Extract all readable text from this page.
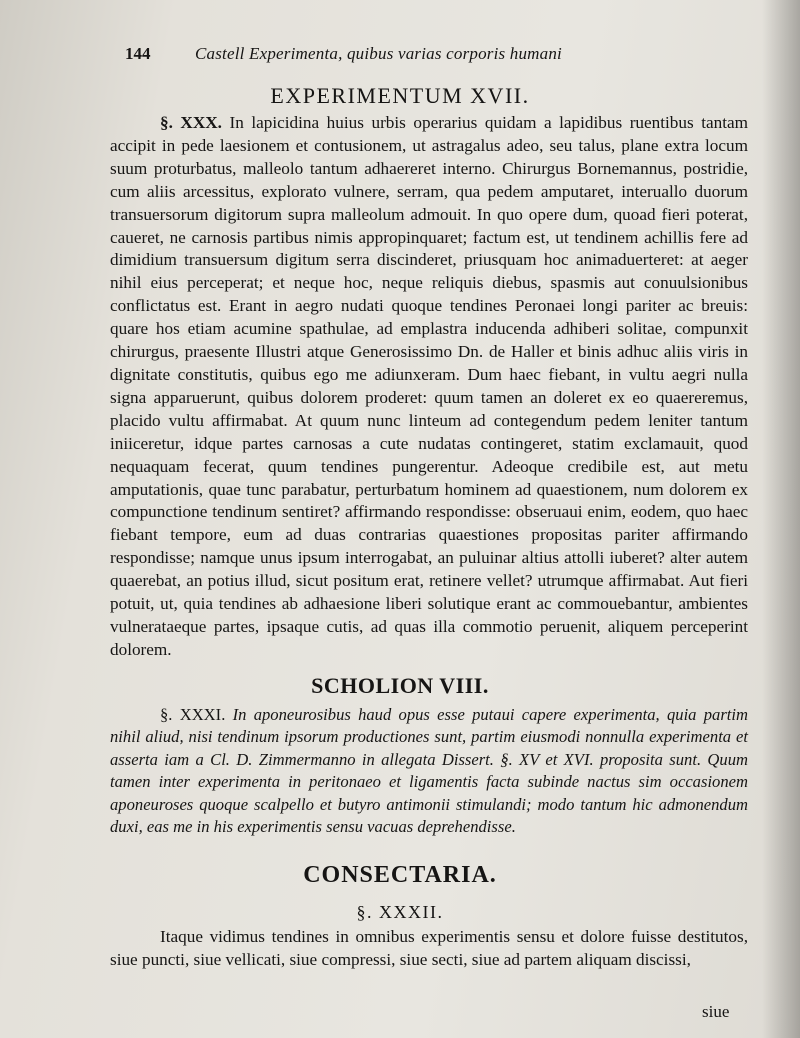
144	Castell Experimenta, quibus varias corporis humani
EXPERIMENTUM XVII.

§. XXX. In lapicidina huius urbis operarius quidam a lapidibus ruentibus tantam accipit in pede laesionem et contusionem, ut astragalus adeo, seu talus, plane extra locum suum proturbatus, malleolo tantum adhaereret interno. Chirurgus Bornemannus, postridie, cum aliis arcessitus, explorato vulnere, serram, qua pedem amputaret, interuallo duorum transuersorum digitorum supra malleolum admouit. In quo opere dum, quoad fieri poterat, caueret, ne carnosis partibus nimis appropinquaret; factum est, ut tendinem achillis fere ad dimidium transuersum digitum serra discinderet, priusquam hoc animaduerteret: at aeger nihil eius perceperat; et neque hoc, neque reliquis diebus, spasmis aut conuulsionibus conflictatus est. Erant in aegro nudati quoque tendines Peronaei longi pariter ac breuis: quare hos etiam acumine spathulae, ad emplastra inducenda adhiberi solitae, compunxit chirurgus, praesente Illustri atque Generosissimo Dn. de Haller et binis adhuc aliis viris in dignitate constitutis, quibus ego me adiunxeram. Dum haec fiebant, in vultu aegri nulla signa apparuerunt, quibus dolorem proderet: quum tamen an doleret ex eo quaereremus, placido vultu affirmabat. At quum nunc linteum ad contegendum pedem leniter tantum iniiceretur, idque partes carnosas a cute nudatas contingeret, statim exclamauit, quod nequaquam fecerat, quum tendines pungerentur. Adeoque credibile est, aut metu amputationis, quae tunc parabatur, perturbatum hominem ad quaestionem, num dolorem ex compunctione tendinum sentiret? affirmando respondisse: obseruaui enim, eodem, quo haec fiebant tempore, eum ad duas contrarias quaestiones propositas pariter affirmando respondisse; namque unus ipsum interrogabat, an puluinar altius attolli iuberet? alter autem quaerebat, an potius illud, sicut positum erat, retinere vellet? utrumque affirmabat. Aut fieri potuit, ut, quia tendines ab adhaesione liberi solutique erant ac commouebantur, ambientes vulnerataeque partes, ipsaque cutis, ad quas illa commotio peruenit, aliquem perceperint dolorem.

SCHOLION VIII.

§. XXXI. In aponeurosibus haud opus esse putaui capere experimenta, quia partim nihil aliud, nisi tendinum ipsorum productiones sunt, partim eiusmodi nonnulla experimenta et asserta iam a Cl. D. Zimmermanno in allegata Dissert. §. XV et XVI. proposita sunt. Quum tamen inter experimenta in peritonaeo et ligamentis facta subinde nactus sim occasionem aponeuroses quoque scalpello et butyro antimonii stimulandi; modo tantum hic admonendum duxi, eas me in his experimentis sensu vacuas deprehendisse.

CONSECTARIA.
§. XXXII.

Itaque vidimus tendines in omnibus experimentis sensu et dolore fuisse destitutos, siue puncti, siue vellicati, siue compressi, siue secti, siue ad partem aliquam discissi,

siue
